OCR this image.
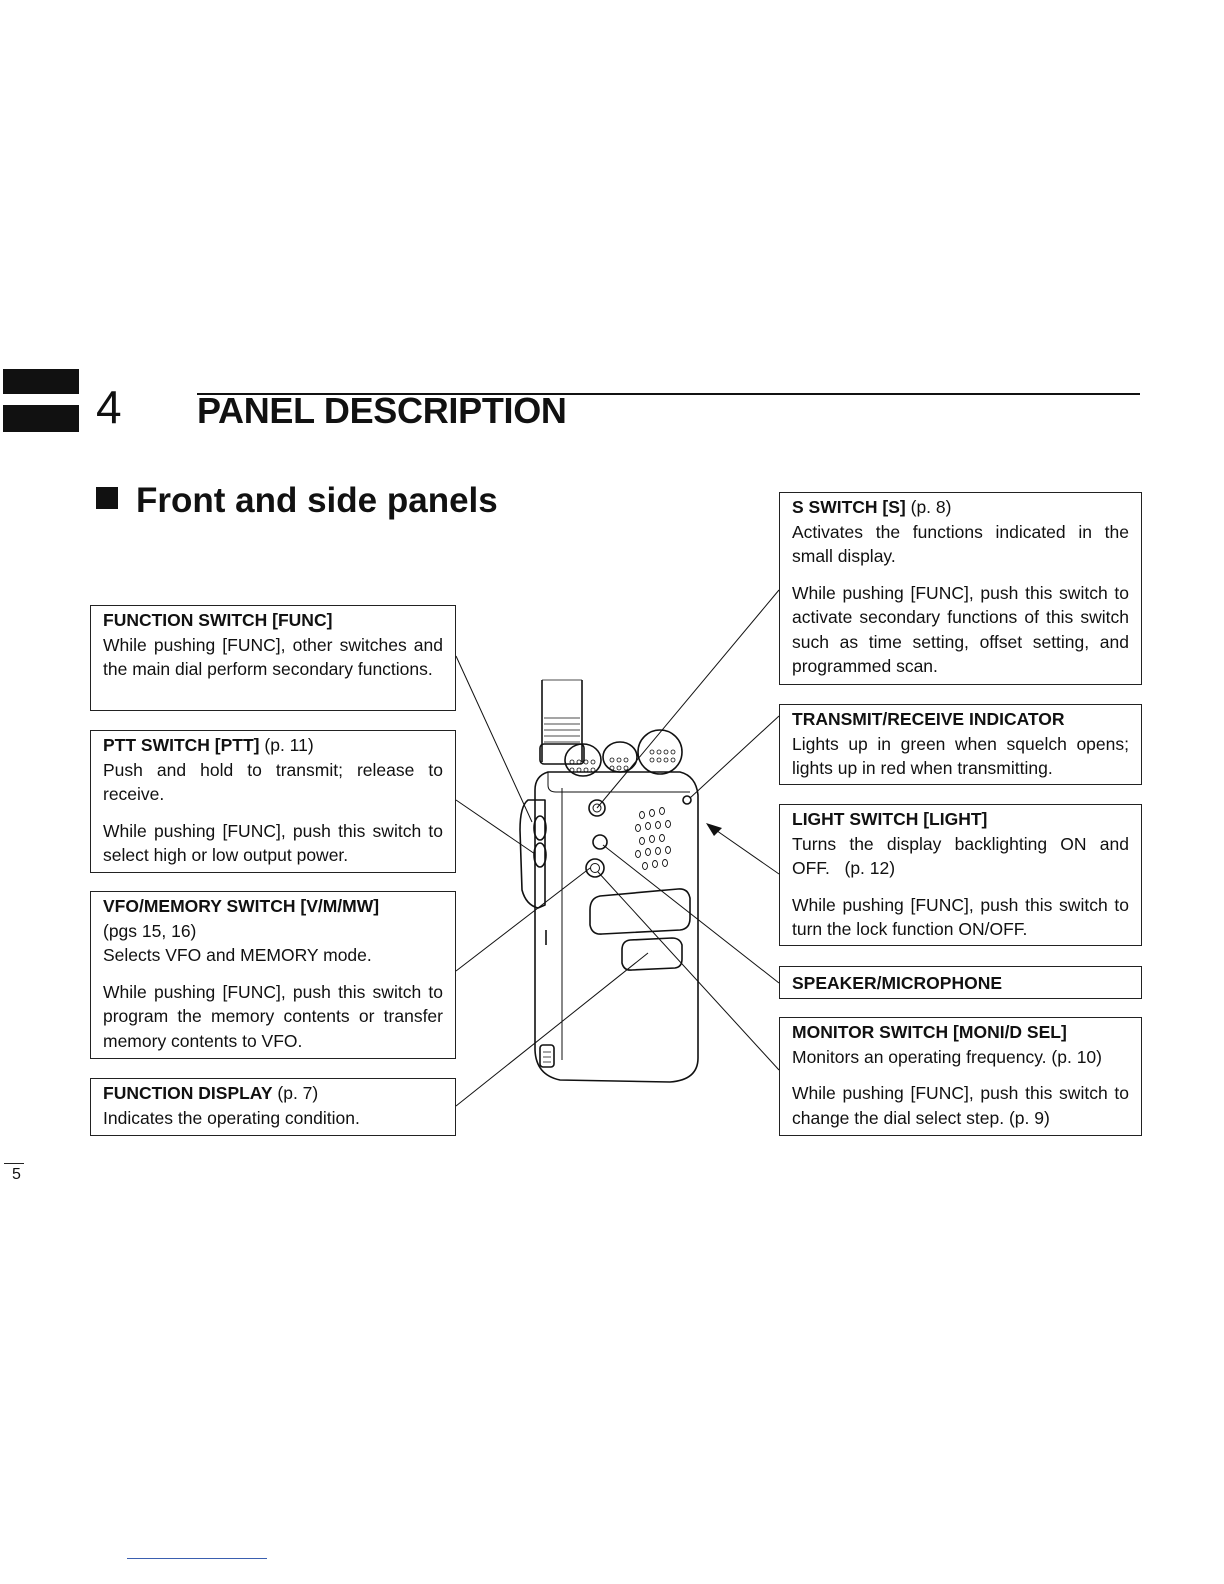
4 PANEL DESCRIPTION
Front and side panels
FUNCTION SWITCH [FUNC]

While pushing [FUNC], other switches and the main dial perform secondary functions.

PTT SWITCH [PTT] (p. 11)

Push and hold to transmit; release to receive.

While pushing [FUNC], push this switch to select high or low output power.

VFO/MEMORY SWITCH [V/M/MW]
(pgs 15, 16)

Selects VFO and MEMORY mode.

While pushing [FUNC], push this switch to program the memory contents or transfer memory contents to VFO.

FUNCTION DISPLAY (p. 7)

Indicates the operating condition.

S SWITCH [S] (p. 8)

Activates the functions indicated in the small display.

While pushing [FUNC], push this switch to activate secondary functions of this switch such as time setting, offset setting, and programmed scan.

TRANSMIT/RECEIVE INDICATOR

Lights up in green when squelch opens; lights up in red when transmitting.

LIGHT SWITCH [LIGHT]

Turns the display backlighting ON and OFF.   (p. 12)

While pushing [FUNC], push this switch to turn the lock function ON/OFF.

SPEAKER/MICROPHONE
MONITOR SWITCH [MONI/D SEL]

Monitors an operating frequency. (p. 10)

While pushing [FUNC], push this switch to change the dial select step. (p. 9)

5
